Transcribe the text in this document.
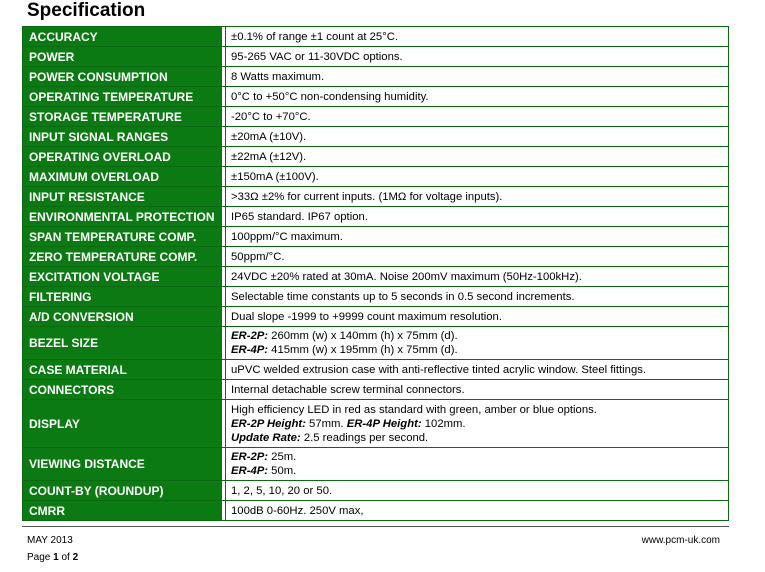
Specification
ACCURACY	±0.1% of range ±1 count at 25°C.
POWER	95-265 VAC or 11-30VDC options.
POWER CONSUMPTION	8 Watts maximum.
OPERATING TEMPERATURE	0°C to +50°C non-condensing humidity.
STORAGE TEMPERATURE	-20°C to +70°C.
INPUT SIGNAL RANGES	±20mA (±10V).
OPERATING OVERLOAD	±22mA (±12V).
MAXIMUM OVERLOAD	±150mA (±100V).
INPUT RESISTANCE	>33Ω ±2% for current inputs. (1MΩ for voltage inputs).
ENVIRONMENTAL PROTECTION	IP65 standard. IP67 option.
SPAN TEMPERATURE COMP.	100ppm/°C maximum.
ZERO TEMPERATURE COMP.	50ppm/°C.
EXCITATION VOLTAGE	24VDC ±20% rated at 30mA. Noise 200mV maximum (50Hz-100kHz).
FILTERING	Selectable time constants up to 5 seconds in 0.5 second increments.
A/D CONVERSION	Dual slope -1999 to +9999 count maximum resolution.
BEZEL SIZE	ER-2P: 260mm (w) x 140mm (h) x 75mm (d).
ER-4P: 415mm (w) x 195mm (h) x 75mm (d).

CASE MATERIAL	uPVC welded extrusion case with anti-reflective tinted acrylic window. Steel fittings.
CONNECTORS	Internal detachable screw terminal connectors.
DISPLAY	High efficiency LED in red as standard with green, amber or blue options.
ER-2P Height: 57mm. ER-4P Height: 102mm.
Update Rate: 2.5 readings per second.

VIEWING DISTANCE	ER-2P: 25m.
ER-4P: 50m.

COUNT-BY (ROUNDUP)	1, 2, 5, 10, 20 or 50.
CMRR	100dB 0-60Hz. 250V max,
MAY 2013
Page 1 of 2
www.pcm-uk.com
